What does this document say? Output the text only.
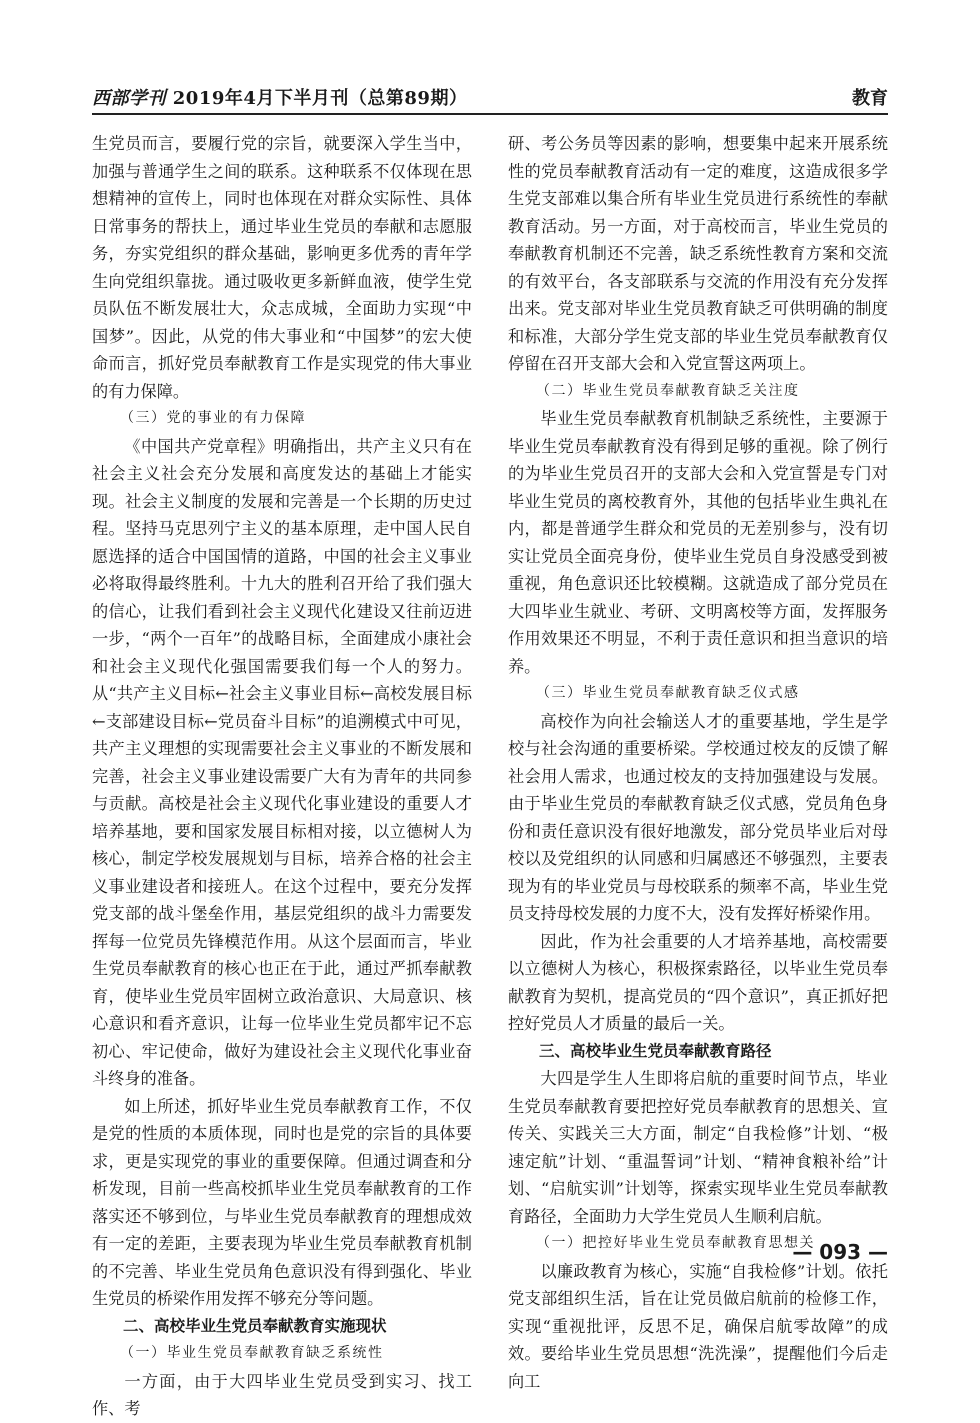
西部学刊 2019年4月下半月刊（总第89期）	教育

生党员而言，要履行党的宗旨，就要深入学生当中，加强与普通学生之间的联系。这种联系不仅体现在思想精神的宣传上，同时也体现在对群众实际性、具体日常事务的帮扶上，通过毕业生党员的奉献和志愿服务，夯实党组织的群众基础，影响更多优秀的青年学生向党组织靠拢。通过吸收更多新鲜血液，使学生党员队伍不断发展壮大，众志成城，全面助力实现“中国梦”。因此，从党的伟大事业和“中国梦”的宏大使命而言，抓好党员奉献教育工作是实现党的伟大事业的有力保障。

（三）党的事业的有力保障

《中国共产党章程》明确指出，共产主义只有在社会主义社会充分发展和高度发达的基础上才能实现。社会主义制度的发展和完善是一个长期的历史过程。坚持马克思列宁主义的基本原理，走中国人民自愿选择的适合中国国情的道路，中国的社会主义事业必将取得最终胜利。十九大的胜利召开给了我们强大的信心，让我们看到社会主义现代化建设又往前迈进一步，“两个一百年”的战略目标，全面建成小康社会和社会主义现代化强国需要我们每一个人的努力。从“共产主义目标←社会主义事业目标←高校发展目标←支部建设目标←党员奋斗目标”的追溯模式中可见，共产主义理想的实现需要社会主义事业的不断发展和完善，社会主义事业建设需要广大有为青年的共同参与贡献。高校是社会主义现代化事业建设的重要人才培养基地，要和国家发展目标相对接，以立德树人为核心，制定学校发展规划与目标，培养合格的社会主义事业建设者和接班人。在这个过程中，要充分发挥党支部的战斗堡垒作用，基层党组织的战斗力需要发挥每一位党员先锋模范作用。从这个层面而言，毕业生党员奉献教育的核心也正在于此，通过严抓奉献教育，使毕业生党员牢固树立政治意识、大局意识、核心意识和看齐意识，让每一位毕业生党员都牢记不忘初心、牢记使命，做好为建设社会主义现代化事业奋斗终身的准备。

如上所述，抓好毕业生党员奉献教育工作，不仅是党的性质的本质体现，同时也是党的宗旨的具体要求，更是实现党的事业的重要保障。但通过调查和分析发现，目前一些高校抓毕业生党员奉献教育的工作落实还不够到位，与毕业生党员奉献教育的理想成效有一定的差距，主要表现为毕业生党员奉献教育机制的不完善、毕业生党员角色意识没有得到强化、毕业生党员的桥梁作用发挥不够充分等问题。

二、高校毕业生党员奉献教育实施现状

（一）毕业生党员奉献教育缺乏系统性

一方面，由于大四毕业生党员受到实习、找工作、考

研、考公务员等因素的影响，想要集中起来开展系统性的党员奉献教育活动有一定的难度，这造成很多学生党支部难以集合所有毕业生党员进行系统性的奉献教育活动。另一方面，对于高校而言，毕业生党员的奉献教育机制还不完善，缺乏系统性教育方案和交流的有效平台，各支部联系与交流的作用没有充分发挥出来。党支部对毕业生党员教育缺乏可供明确的制度和标准，大部分学生党支部的毕业生党员奉献教育仅停留在召开支部大会和入党宣誓这两项上。

（二）毕业生党员奉献教育缺乏关注度

毕业生党员奉献教育机制缺乏系统性，主要源于毕业生党员奉献教育没有得到足够的重视。除了例行的为毕业生党员召开的支部大会和入党宣誓是专门对毕业生党员的离校教育外，其他的包括毕业生典礼在内，都是普通学生群众和党员的无差别参与，没有切实让党员全面亮身份，使毕业生党员自身没感受到被重视，角色意识还比较模糊。这就造成了部分党员在大四毕业生就业、考研、文明离校等方面，发挥服务作用效果还不明显，不利于责任意识和担当意识的培养。

（三）毕业生党员奉献教育缺乏仪式感

高校作为向社会输送人才的重要基地，学生是学校与社会沟通的重要桥梁。学校通过校友的反馈了解社会用人需求，也通过校友的支持加强建设与发展。由于毕业生党员的奉献教育缺乏仪式感，党员角色身份和责任意识没有很好地激发，部分党员毕业后对母校以及党组织的认同感和归属感还不够强烈，主要表现为有的毕业党员与母校联系的频率不高，毕业生党员支持母校发展的力度不大，没有发挥好桥梁作用。

因此，作为社会重要的人才培养基地，高校需要以立德树人为核心，积极探索路径，以毕业生党员奉献教育为契机，提高党员的“四个意识”，真正抓好把控好党员人才质量的最后一关。

三、高校毕业生党员奉献教育路径

大四是学生人生即将启航的重要时间节点，毕业生党员奉献教育要把控好党员奉献教育的思想关、宣传关、实践关三大方面，制定“自我检修”计划、“极速定航”计划、“重温誓词”计划、“精神食粮补给”计划、“启航实训”计划等，探索实现毕业生党员奉献教育路径，全面助力大学生党员人生顺利启航。

（一）把控好毕业生党员奉献教育思想关

以廉政教育为核心，实施“自我检修”计划。依托党支部组织生活，旨在让党员做启航前的检修工作，实现“重视批评，反思不足，确保启航零故障”的成效。要给毕业生党员思想“洗洗澡”，提醒他们今后走向工

— 093 —
